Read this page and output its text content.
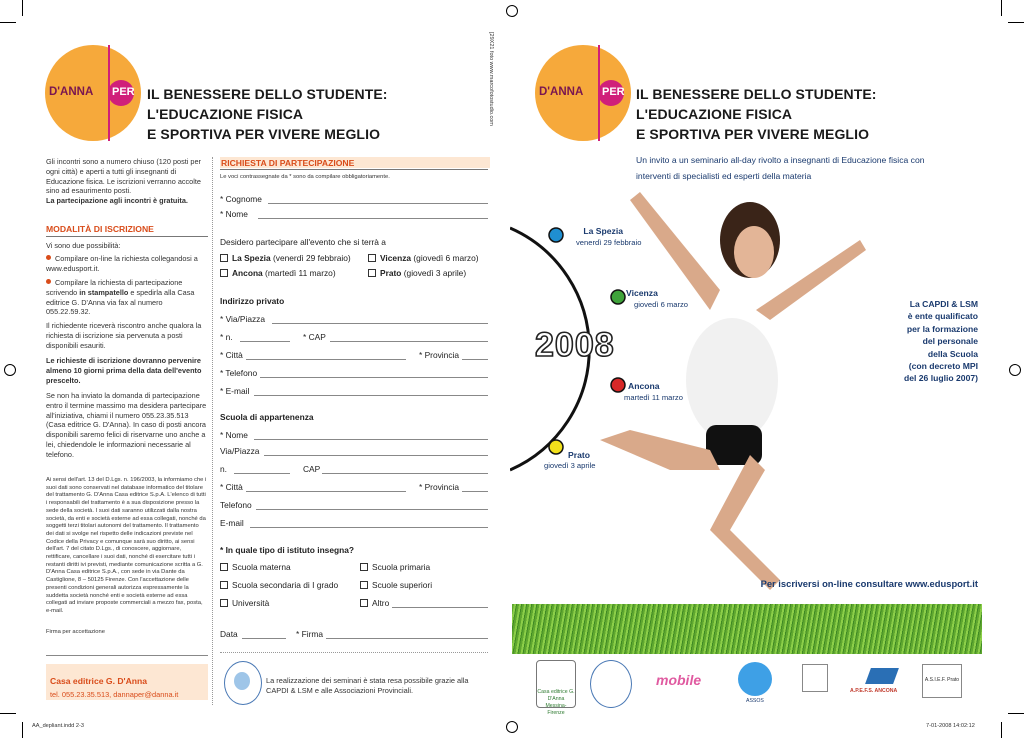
D'ANNA PER IL BENESSERE DELLO STUDENTE:
L'EDUCAZIONE FISICA
E SPORTIVA PER VIVERE MEGLIO
Gli incontri sono a numero chiuso (120 posti per ogni città) e aperti a tutti gli insegnanti di Educazione fisica. Le iscrizioni verranno accolte sino ad esaurimento posti.
La partecipazione agli incontri è gratuita.
MODALITÀ DI ISCRIZIONE
Vi sono due possibilità:
Compilare on-line la richiesta collegandosi a www.edusport.it.
Compilare la richiesta di partecipazione scrivendo in stampatello e spedirla alla Casa editrice G. D'Anna via fax al numero 055.22.59.32.
Il richiedente riceverà riscontro anche qualora la richiesta di iscrizione sia pervenuta a posti disponibili esauriti.
Le richieste di iscrizione dovranno pervenire almeno 10 giorni prima della data dell'evento prescelto.
Se non ha inviato la domanda di partecipazione entro il termine massimo ma desidera partecipare all'iniziativa, chiami il numero 055.23.35.513 (Casa editrice G. D'Anna). In caso di posti ancora disponibili saremo felici di riservarne uno anche a lei, chiedendole le informazioni necessarie al telefono.
Ai sensi dell'art. 13 del D.Lgs. n. 196/2003, la informiamo che i suoi dati sono conservati nel database informatico del titolare del trattamento G. D'Anna Casa editrice S.p.A. L'elenco di tutti i responsabili del trattamento è a sua disposizione presso la sede della società. I suoi dati saranno utilizzati dalla nostra società, da enti e società esterne ad essa collegati, nonché da soggetti terzi titolari autonomi del trattamento. Il trattamento dei dati si svolge nel rispetto delle indicazioni previste nel Codice della Privacy e comunque sarà suo diritto, ai sensi dell'art. 7 del citato D.Lgs., di conoscere, aggiornare, rettificare, cancellare i suoi dati, nonché di esercitare tutti i restanti diritti ivi previsti, mediante comunicazione scritta a G. D'Anna Casa editrice S.p.A., con sede in via Dante da Castiglione, 8 – 50125 Firenze. Con l'accettazione delle presenti condizioni generali autorizza espressamente la suddetta società nonché enti e società esterne ad essa collegati ad inviare proposte commerciali a mezzo fax, posta, e-mail.
Firma per accettazione
Casa editrice G. D'Anna
tel. 055.23.35.513, dannaper@danna.it
RICHIESTA DI PARTECIPAZIONE
Le voci contrassegnate da * sono da compilare obbligatoriamente.
* Cognome
* Nome
Desidero partecipare all'evento che si terrà a
La Spezia (venerdì 29 febbraio)	Vicenza (giovedì 6 marzo)
Ancona (martedì 11 marzo)	Prato (giovedì 3 aprile)
Indirizzo privato
* Via/Piazza
* n.	* CAP
* Città	* Provincia
* Telefono
* E-mail
Scuola di appartenenza
* Nome
Via/Piazza
n.	CAP
* Città	* Provincia
Telefono
E-mail
* In quale tipo di istituto insegna?
Scuola materna	Scuola primaria
Scuola secondaria di I grado	Scuole superiori
Università	Altro
Data	* Firma
La realizzazione dei seminari è stata resa possibile grazie alla CAPDI & LSM e alle Associazioni Provinciali.
[29X21 foto www.marcofotostudio.com	D'ANNA PER IL BENESSERE DELLO STUDENTE:
L'EDUCAZIONE FISICA
E SPORTIVA PER VIVERE MEGLIO
Un invito a un seminario all-day rivolto a insegnanti di Educazione fisica con interventi di specialisti ed esperti della materia
2008
La Spezia
venerdì 29 febbraio
Vicenza
giovedì 6 marzo
Ancona
martedì 11 marzo
Prato
giovedì 3 aprile
La CAPDI & LSM
è ente qualificato
per la formazione
del personale
della Scuola
(con decreto MPI
del 26 luglio 2007)
Per iscriversi on-line consultare www.edusport.it
Casa editrice G. D'Anna Messina-Firenze
mobile
ASSOS
A.P.E.F.S. ANCONA
A.S.I.E.F. Prato
AA_depliant.indd 2-3	7-01-2008 14:02:12
